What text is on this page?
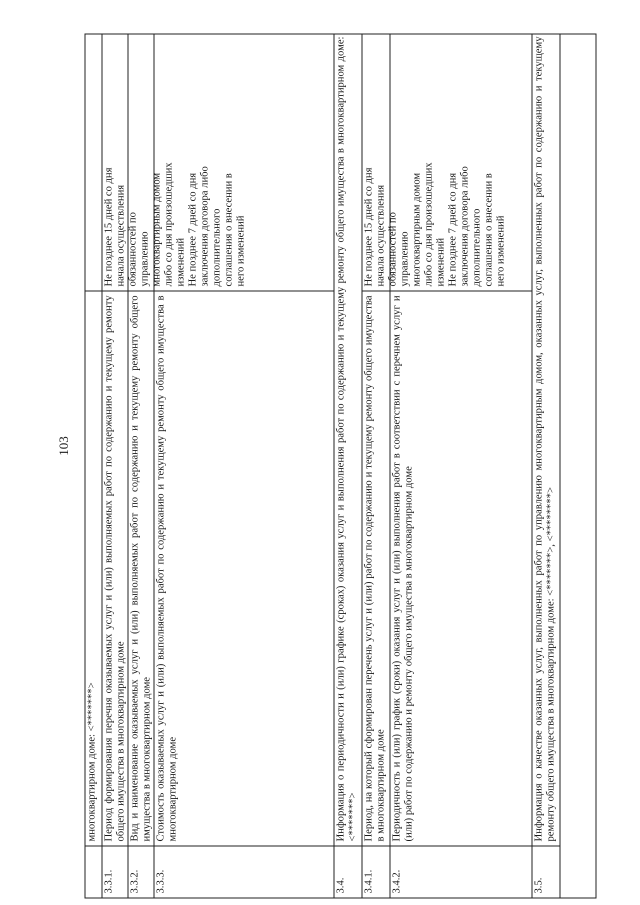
103
многоквартирном доме: <*******>
3.3.1.
Период формирования перечня оказываемых услуг и (или) выполняемых работ по содержанию и текущему ремонту общего имущества в многоквартирном доме
3.3.2.
Вид и наименование оказываемых услуг и (или) выполняемых работ по содержанию и текущему ремонту общего имущества в многоквартирном доме
3.3.3.
Стоимость оказываемых услуг и (или) выполняемых работ по содержанию и текущему ремонту общего имущества в многоквартирном доме
Не позднее 15 дней со дня начала осуществления обязанностей по управлению многоквартирным домом либо со дня произошедших изменений Не позднее 7 дней со дня заключения договора либо дополнительного соглашения о внесении в него изменений
3.4.
Информация о периодичности и (или) графике (сроках) оказания услуг и выполнения работ по содержанию и текущему ремонту общего имущества в многоквартирном доме: <*******>
3.4.1.
Период, на который сформирован перечень услуг и (или) работ по содержанию и текущему ремонту общего имущества в многоквартирном доме
3.4.2.
Периодичность и (или) график (сроки) оказания услуг и (или) выполнения работ в соответствии с перечнем услуг и (или) работ по содержанию и ремонту общего имущества в многоквартирном доме
Не позднее 15 дней со дня начала осуществления обязанностей по управлению многоквартирным домом либо со дня произошедших изменений Не позднее 7 дней со дня заключения договора либо дополнительного соглашения о внесении в него изменений
3.5.
Информация о качестве оказанных услуг, выполненных работ по управлению многоквартирным домом, оказанных услуг, выполненных работ по содержанию и текущему ремонту общего имущества в многоквартирном доме: <*******>, <********>
